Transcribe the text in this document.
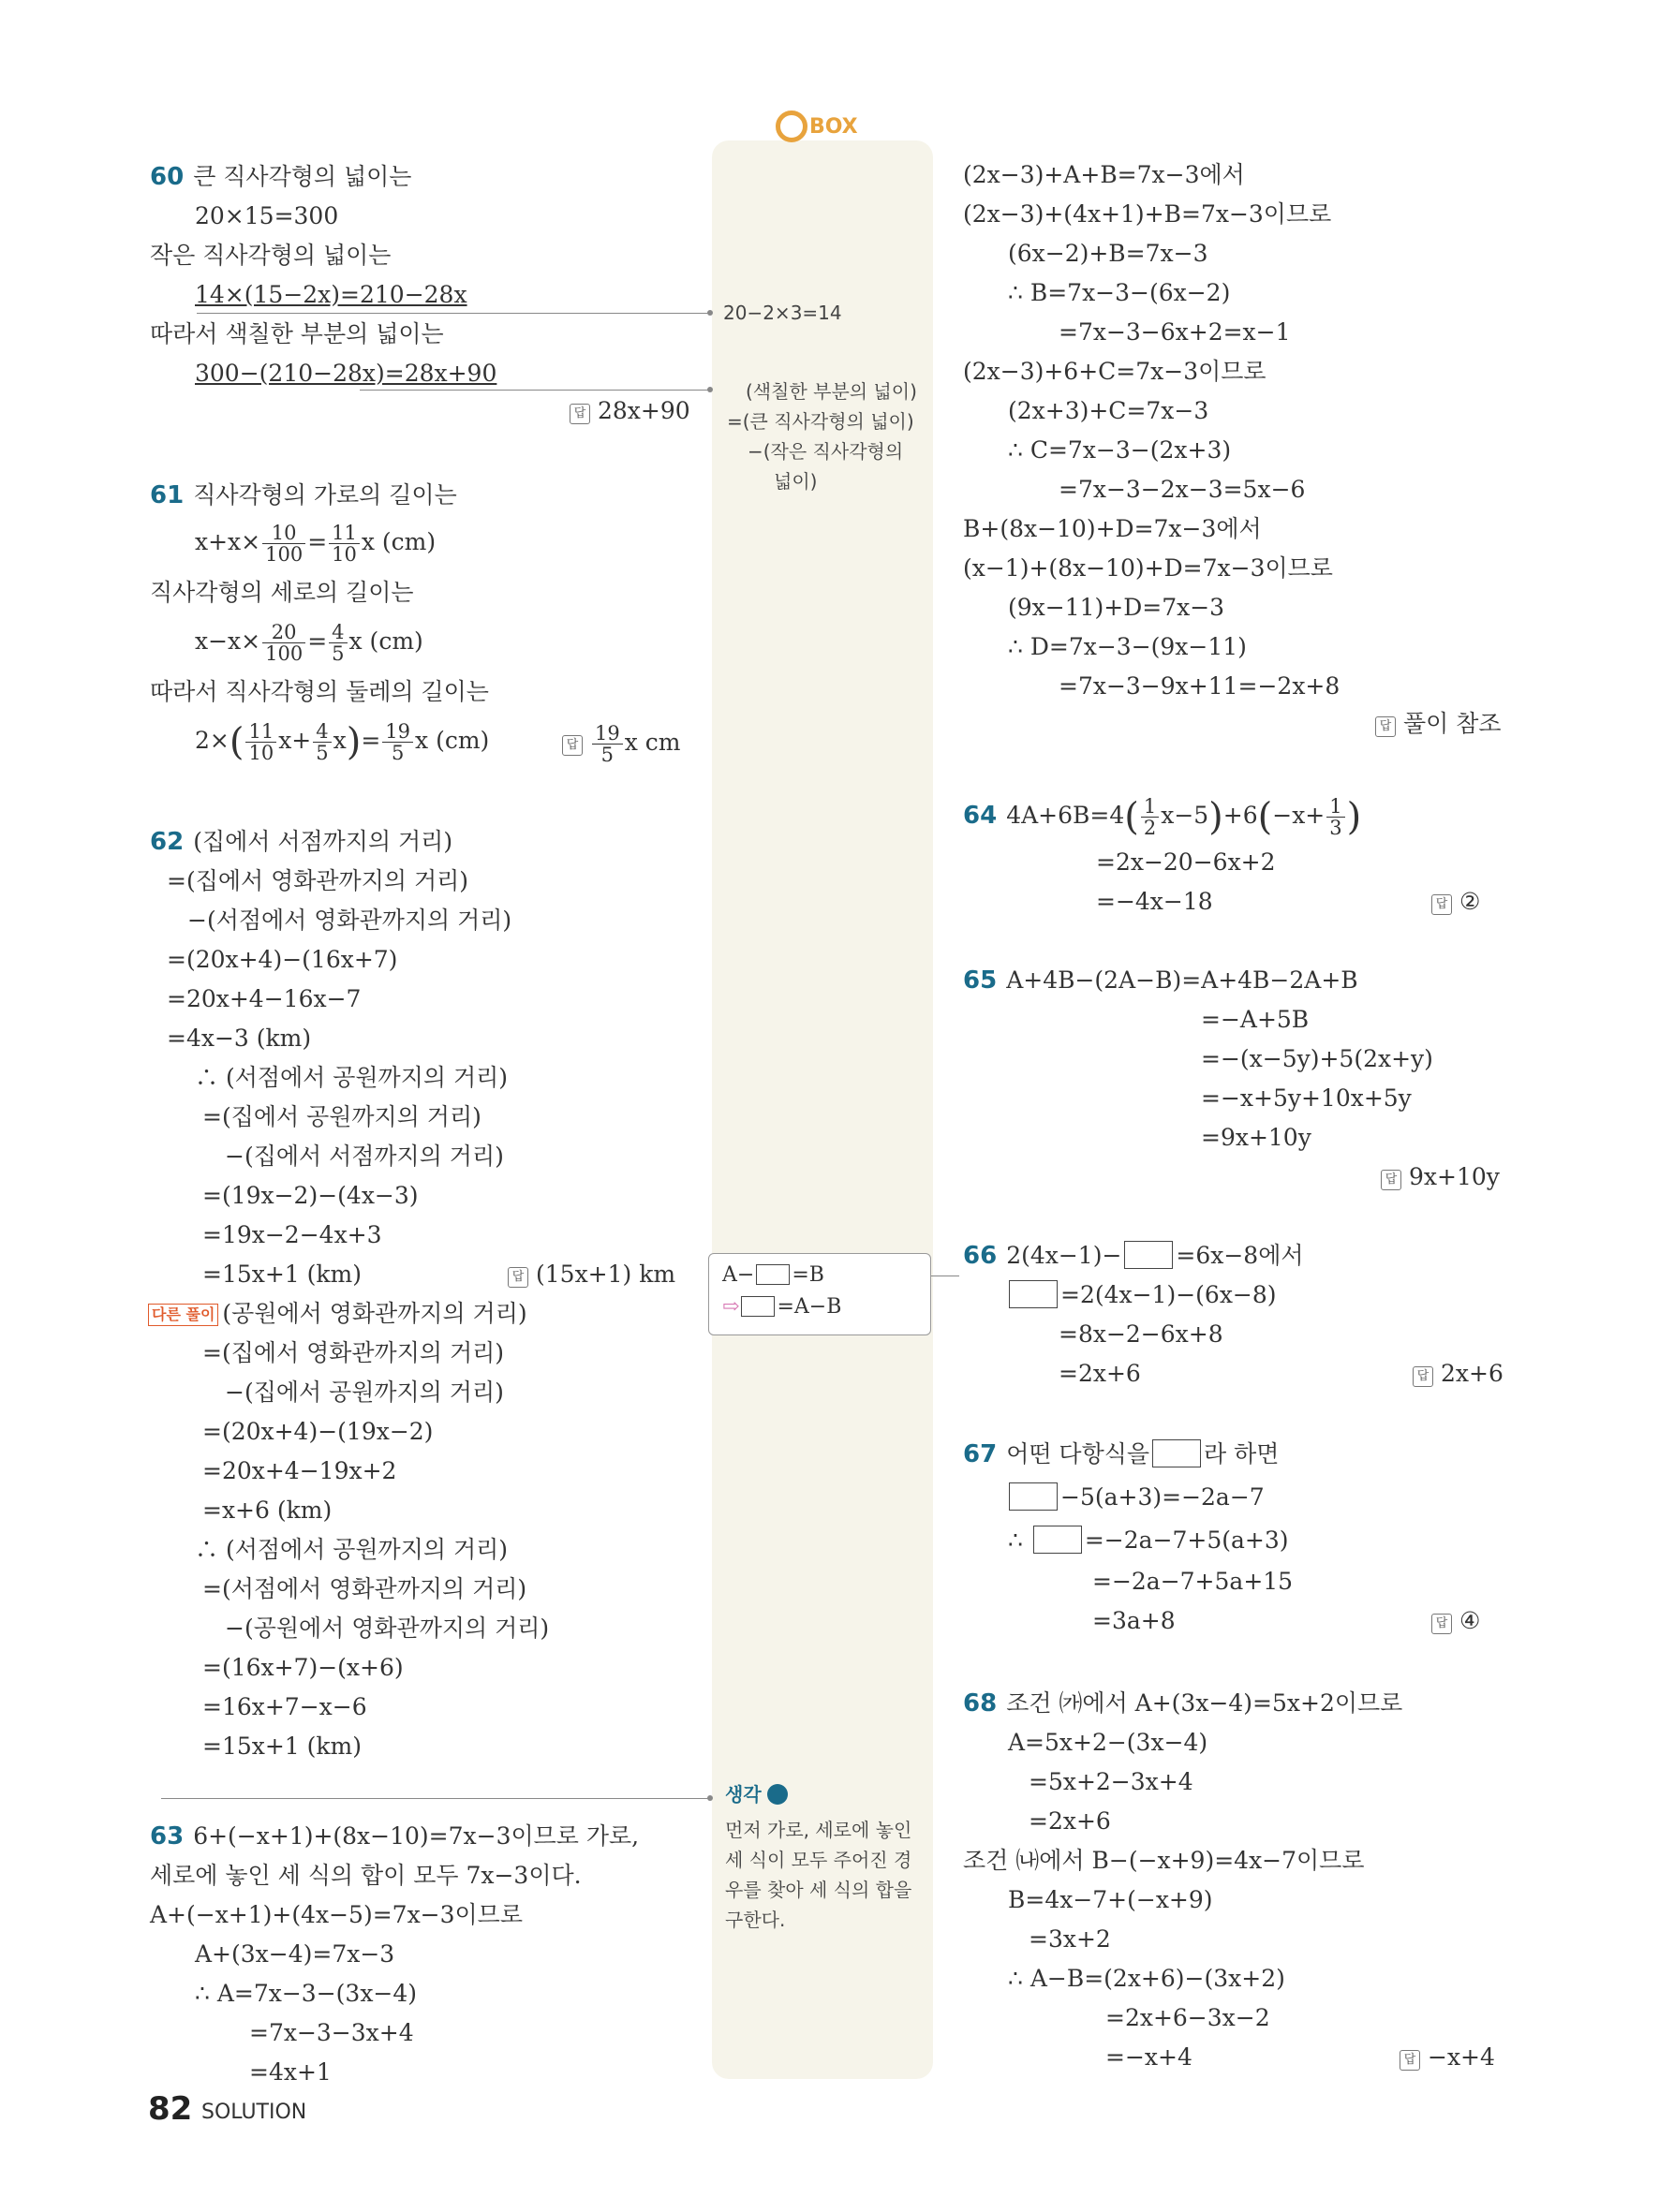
BOX
60 큰 직사각형의 넓이는
20×15=300
작은 직사각형의 넓이는
14×(15−2x)=210−28x
따라서 색칠한 부분의 넓이는
300−(210−28x)=28x+90
답 28x+90
61 직사각형의 가로의 길이는
$x+x\times \frac{10}{100} = \frac{11}{10}$ x (cm)
직사각형의 세로의 길이는
$x-x\times \frac{20}{100} = \frac{4}{5}$ x (cm)
따라서 직사각형의 둘레의 길이는
$2\times( \frac{11}{10} x+ \frac{4}{5} x)= \frac{19}{5}$ x (cm)	답 $\frac{19}{5}$ x cm
62 (집에서 서점까지의 거리)
=(집에서 영화관까지의 거리)
−(서점에서 영화관까지의 거리)
=(20x+4)−(16x+7)
=20x+4−16x−7
=4x−3 (km)
∴ (서점에서 공원까지의 거리)
=(집에서 공원까지의 거리)
−(집에서 서점까지의 거리)
=(19x−2)−(4x−3)
=19x−2−4x+3
=15x+1 (km)	답 (15x+1) km
다른 풀이 (공원에서 영화관까지의 거리)
=(집에서 영화관까지의 거리)
−(집에서 공원까지의 거리)
=(20x+4)−(19x−2)
=20x+4−19x+2
=x+6 (km)
∴ (서점에서 공원까지의 거리)
=(서점에서 영화관까지의 거리)
−(공원에서 영화관까지의 거리)
=(16x+7)−(x+6)
=16x+7−x−6
=15x+1 (km)
63 6+(−x+1)+(8x−10)=7x−3이므로 가로,
세로에 놓인 세 식의 합이 모두 7x−3이다.
A+(−x+1)+(4x−5)=7x−3이므로
A+(3x−4)=7x−3
∴ A=7x−3−(3x−4)
=7x−3−3x+4
=4x+1
20−2×3=14
(색칠한 부분의 넓이)
=(큰 직사각형의 넓이)
−(작은 직사각형의
넓이)
A− =B
⇨ =A−B
생각
먼저 가로, 세로에 놓인
세 식이 모두 주어진 경
우를 찾아 세 식의 합을
구한다.
(2x−3)+A+B=7x−3에서
(2x−3)+(4x+1)+B=7x−3이므로
(6x−2)+B=7x−3
∴ B=7x−3−(6x−2)
=7x−3−6x+2=x−1
(2x−3)+6+C=7x−3이므로
(2x+3)+C=7x−3
∴ C=7x−3−(2x+3)
=7x−3−2x−3=5x−6
B+(8x−10)+D=7x−3에서
(x−1)+(8x−10)+D=7x−3이므로
(9x−11)+D=7x−3
∴ D=7x−3−(9x−11)
=7x−3−9x+11=−2x+8
답 풀이 참조
64 $4A+6B=4( \frac{1}{2} x-5)+6(-x+ \frac{1}{3}$ )
=2x−20−6x+2
=−4x−18	답 ②
65 A+4B−(2A−B)=A+4B−2A+B
=−A+5B
=−(x−5y)+5(2x+y)
=−x+5y+10x+5y
=9x+10y
답 9x+10y
66 2(4x−1)− =6x−8에서
=2(4x−1)−(6x−8)
=8x−2−6x+8
=2x+6	답 2x+6
67 어떤 다항식을 라 하면
−5(a+3)=−2a−7
∴	=−2a−7+5(a+3)
=−2a−7+5a+15
=3a+8	답 ④
68 조건 ㈎에서 A+(3x−4)=5x+2이므로
A=5x+2−(3x−4)
=5x+2−3x+4
=2x+6
조건 ㈏에서 B−(−x+9)=4x−7이므로
B=4x−7+(−x+9)
=3x+2
∴ A−B=(2x+6)−(3x+2)
=2x+6−3x−2
=−x+4	답 −x+4
82 SOLUTION
